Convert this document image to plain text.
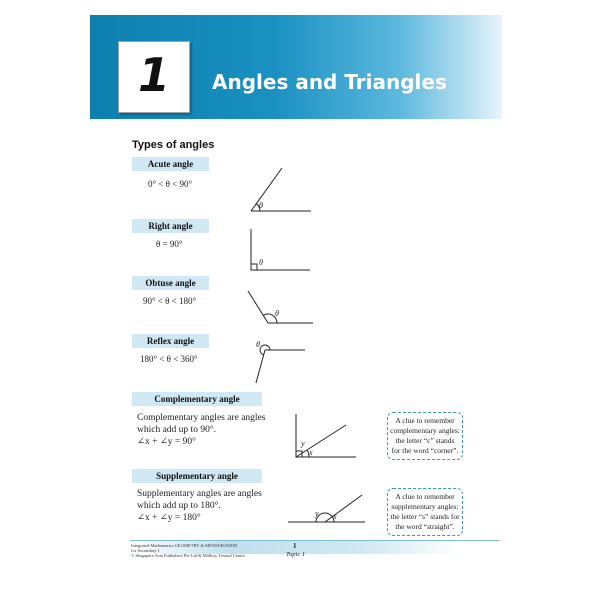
1	Angles and Triangles
Types of angles
Acute angle
0° < θ < 90°
Right angle
θ = 90°
Obtuse angle
90° < θ < 180°
Reflex angle
180° < θ < 360°
Complementary angle
Complementary angles are angles
which add up to 90°.
∠x + ∠y = 90°
A clue to remember
complementary angles:
the letter “c” stands
for the word “corner”.
Supplementary angle
Supplementary angles are angles
which add up to 180°.
∠x + ∠y = 180°
A clue to remember
supplementary angles:
the letter “s” stands for
the word “straight”.
θ
θ
θ
θ
x
y
x
y
Integrated Mathematics GEOMETRY & MENSURATION
for Secondary 1
© Singapore Asia Publishers Pte Ltd & Mallory Textual Centre
1
Topic 1
